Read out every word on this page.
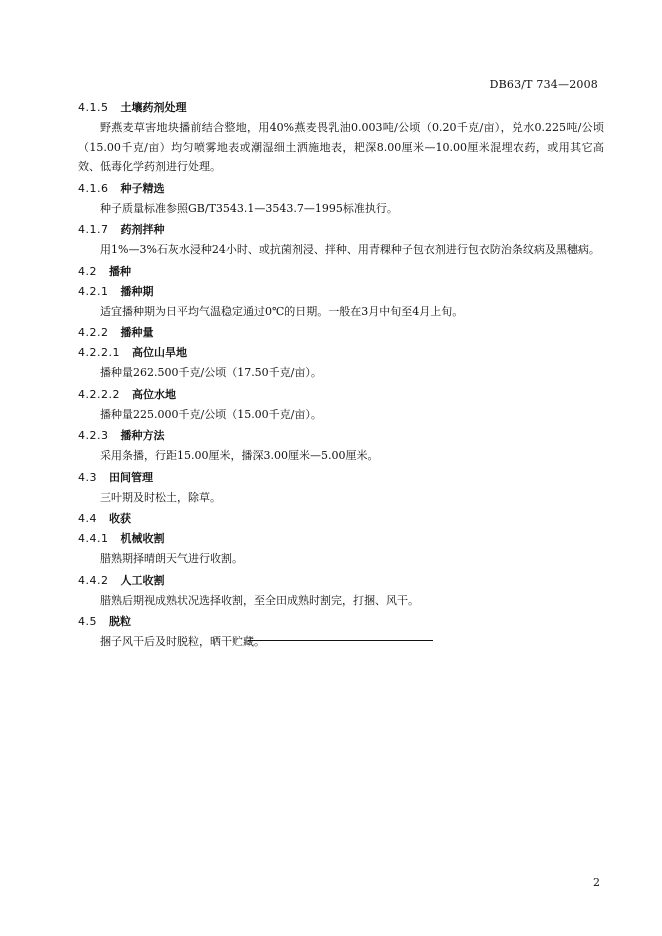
DB63/T 734—2008
4.1.5 土壤药剂处理

野燕麦草害地块播前结合整地，用40%燕麦畏乳油0.003吨/公顷（0.20千克/亩），兑水0.225吨/公顷（15.00千克/亩）均匀喷雾地表或潮湿细土洒施地表，耙深8.00厘米—10.00厘米混埋农药，或用其它高效、低毒化学药剂进行处理。

4.1.6 种子精选

种子质量标准参照GB/T3543.1—3543.7—1995标准执行。

4.1.7 药剂拌种

用1%—3%石灰水浸种24小时、或抗菌剂浸、拌种、用青稞种子包衣剂进行包衣防治条纹病及黑穗病。

4.2 播种
4.2.1 播种期

适宜播种期为日平均气温稳定通过0℃的日期。一般在3月中旬至4月上旬。

4.2.2 播种量
4.2.2.1 高位山旱地

播种量262.500千克/公顷（17.50千克/亩）。

4.2.2.2 高位水地

播种量225.000千克/公顷（15.00千克/亩）。

4.2.3 播种方法

采用条播，行距15.00厘米，播深3.00厘米—5.00厘米。

4.3 田间管理

三叶期及时松土，除草。

4.4 收获
4.4.1 机械收割

腊熟期择晴朗天气进行收割。

4.4.2 人工收割

腊熟后期视成熟状况选择收割，至全田成熟时割完，打捆、风干。

4.5 脱粒

捆子风干后及时脱粒，晒干贮藏。

2
